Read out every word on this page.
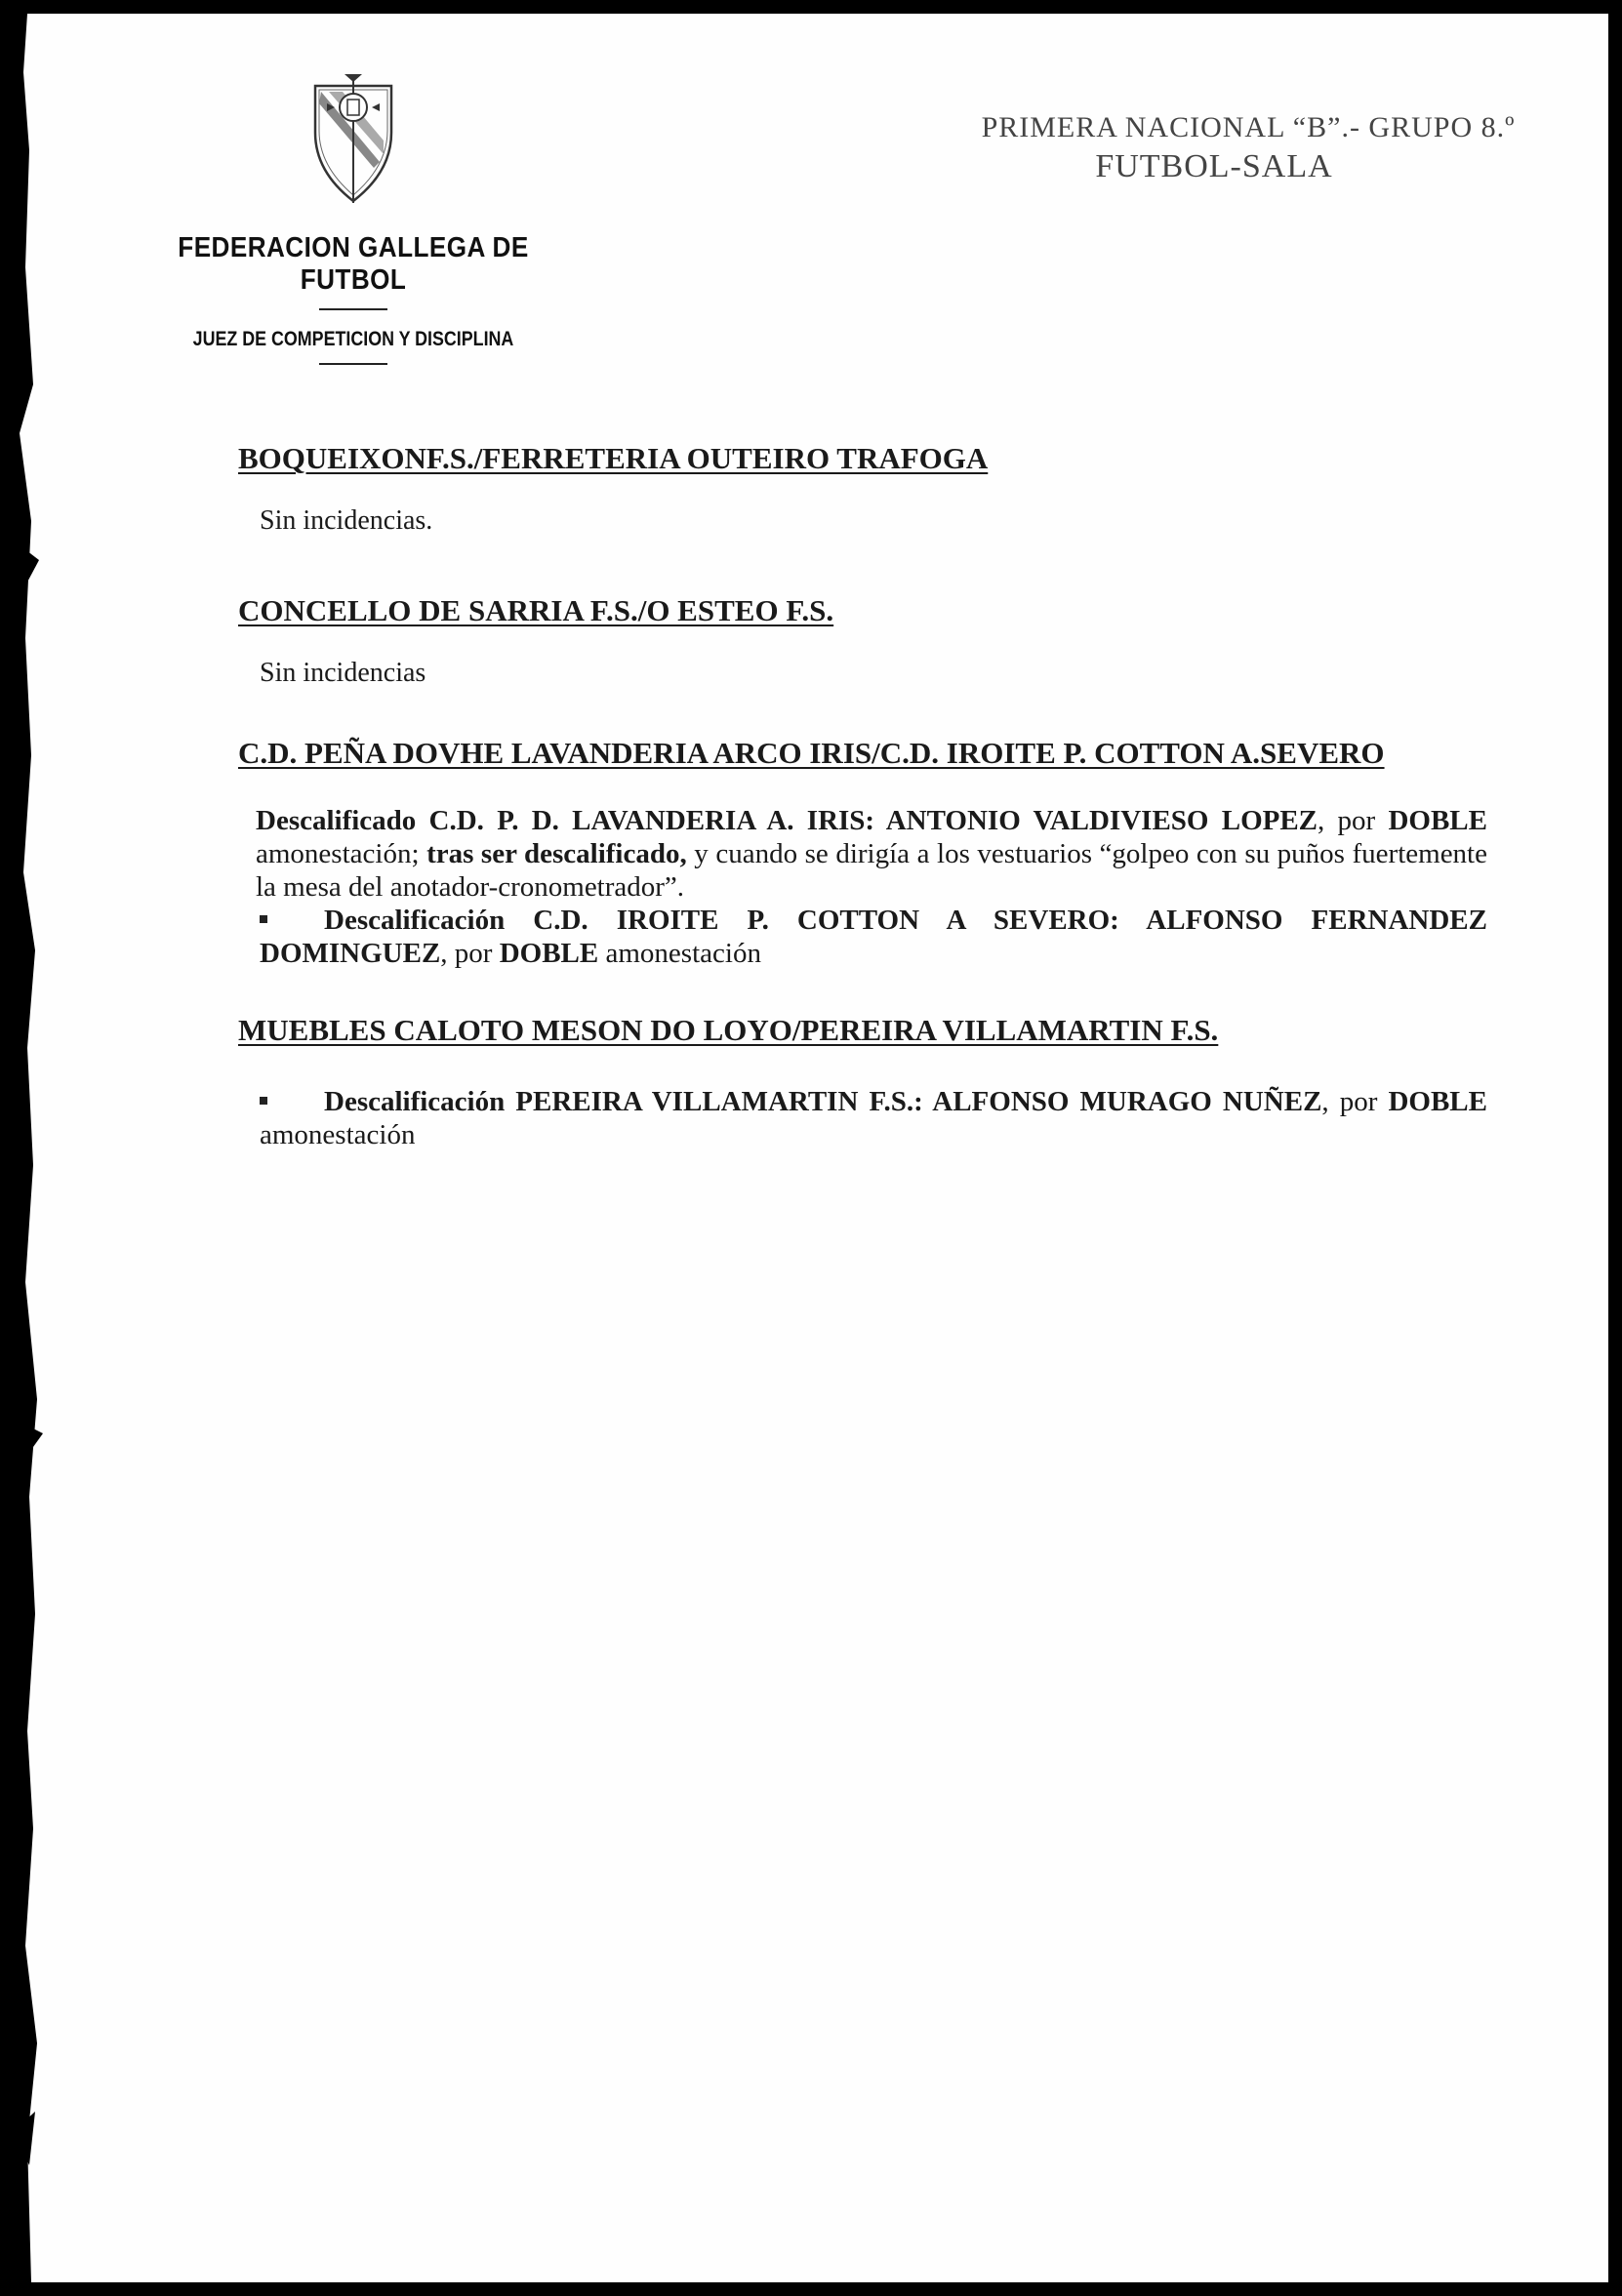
FEDERACION GALLEGA DE FUTBOL
JUEZ DE COMPETICION Y DISCIPLINA
PRIMERA NACIONAL “B”.- GRUPO 8.º
FUTBOL-SALA
BOQUEIXONF.S./FERRETERIA OUTEIRO TRAFOGA
Sin incidencias.
CONCELLO DE SARRIA F.S./O ESTEO F.S.
Sin incidencias
C.D. PEÑA DOVHE LAVANDERIA ARCO IRIS/C.D. IROITE P. COTTON A.SEVERO
Descalificado C.D. P. D. LAVANDERIA A. IRIS: ANTONIO VALDIVIESO LOPEZ, por DOBLE amonestación; tras ser descalificado, y cuando se dirigía a los vestuarios “golpeo con su puños fuertemente la mesa del anotador-cronometrador”.
Descalificación C.D. IROITE P. COTTON A SEVERO: ALFONSO FERNANDEZ DOMINGUEZ, por DOBLE amonestación
MUEBLES CALOTO MESON DO LOYO/PEREIRA VILLAMARTIN F.S.
Descalificación PEREIRA VILLAMARTIN F.S.: ALFONSO MURAGO NUÑEZ, por DOBLE amonestación
